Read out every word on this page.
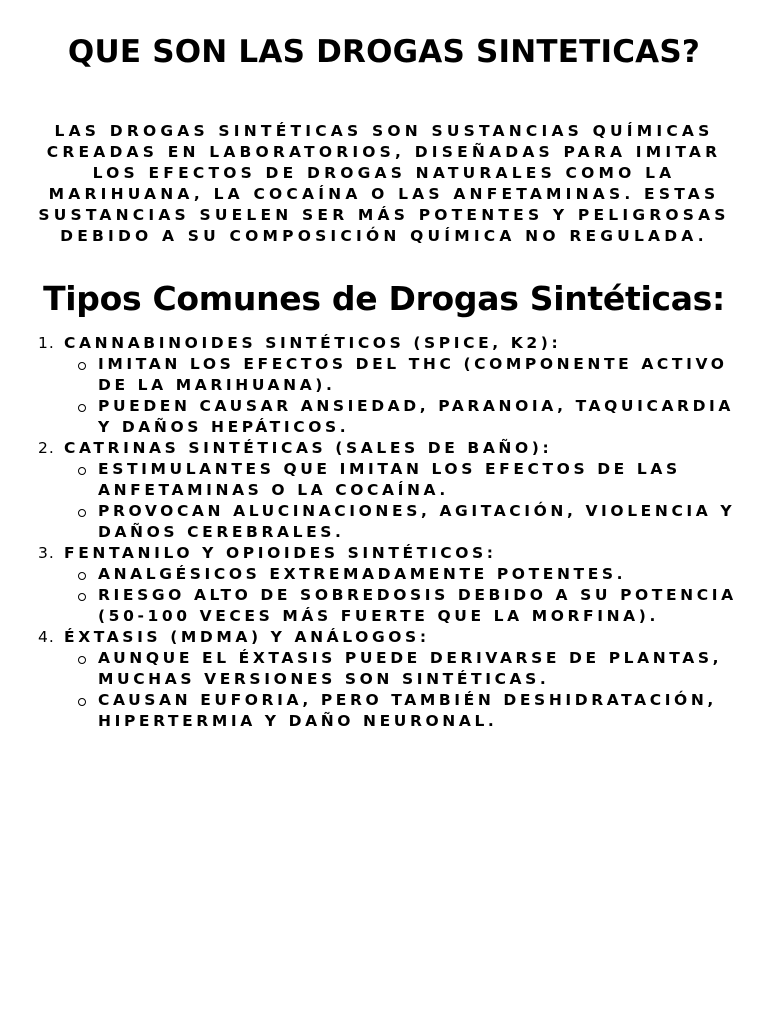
QUE SON LAS DROGAS SINTETICAS?

LAS DROGAS SINTÉTICAS SON SUSTANCIAS QUÍMICAS CREADAS EN LABORATORIOS, DISEÑADAS PARA IMITAR LOS EFECTOS DE DROGAS NATURALES COMO LA MARIHUANA, LA COCAÍNA O LAS ANFETAMINAS. ESTAS SUSTANCIAS SUELEN SER MÁS POTENTES Y PELIGROSAS DEBIDO A SU COMPOSICIÓN QUÍMICA NO REGULADA.

Tipos Comunes de Drogas Sintéticas:
1. CANNABINOIDES SINTÉTICOS (SPICE, K2):
IMITAN LOS EFECTOS DEL THC (COMPONENTE ACTIVO DE LA MARIHUANA).
PUEDEN CAUSAR ANSIEDAD, PARANOIA, TAQUICARDIA Y DAÑOS HEPÁTICOS.
2. CATRINAS SINTÉTICAS (SALES DE BAÑO):
ESTIMULANTES QUE IMITAN LOS EFECTOS DE LAS ANFETAMINAS O LA COCAÍNA.
PROVOCAN ALUCINACIONES, AGITACIÓN, VIOLENCIA Y DAÑOS CEREBRALES.
3. FENTANILO Y OPIOIDES SINTÉTICOS:
ANALGÉSICOS EXTREMADAMENTE POTENTES.
RIESGO ALTO DE SOBREDOSIS DEBIDO A SU POTENCIA (50-100 VECES MÁS FUERTE QUE LA MORFINA).
4. ÉXTASIS (MDMA) Y ANÁLOGOS:
AUNQUE EL ÉXTASIS PUEDE DERIVARSE DE PLANTAS, MUCHAS VERSIONES SON SINTÉTICAS.
CAUSAN EUFORIA, PERO TAMBIÉN DESHIDRATACIÓN, HIPERTERMIA Y DAÑO NEURONAL.
